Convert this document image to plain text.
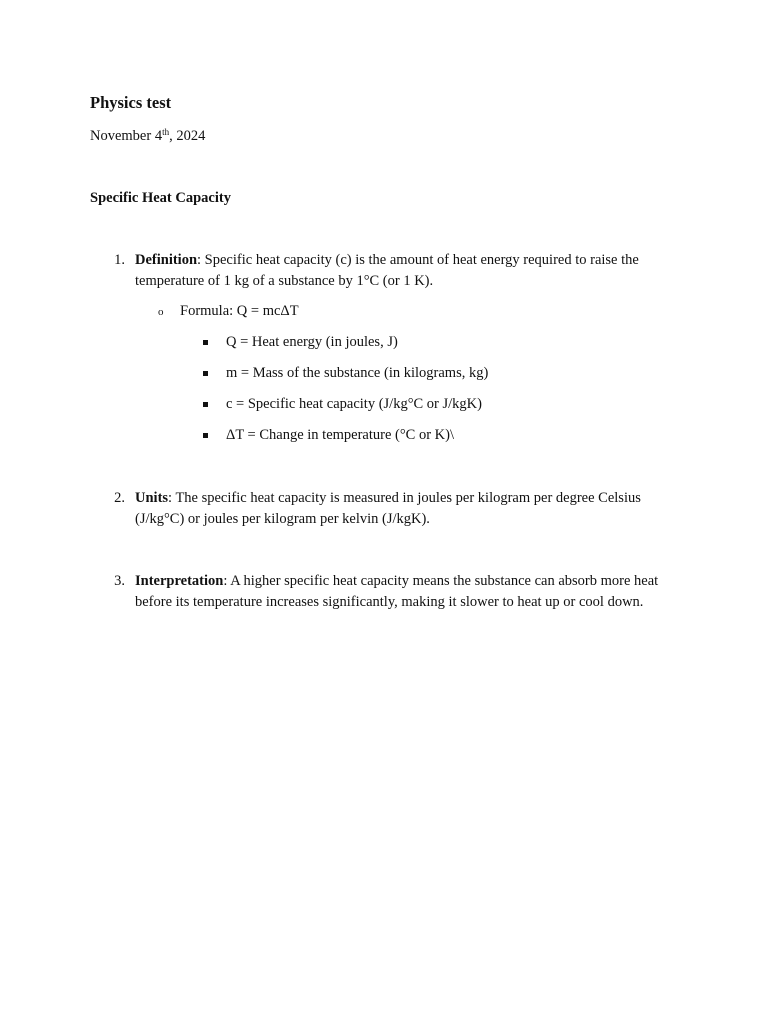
Physics test
November 4th, 2024
Specific Heat Capacity
1. Definition: Specific heat capacity (c) is the amount of heat energy required to raise the temperature of 1 kg of a substance by 1°C (or 1 K).
o Formula: Q = mcΔT
Q = Heat energy (in joules, J)
m = Mass of the substance (in kilograms, kg)
c = Specific heat capacity (J/kg°C or J/kgK)
ΔT = Change in temperature (°C or K)\
2. Units: The specific heat capacity is measured in joules per kilogram per degree Celsius (J/kg°C) or joules per kilogram per kelvin (J/kgK).
3. Interpretation: A higher specific heat capacity means the substance can absorb more heat before its temperature increases significantly, making it slower to heat up or cool down.
